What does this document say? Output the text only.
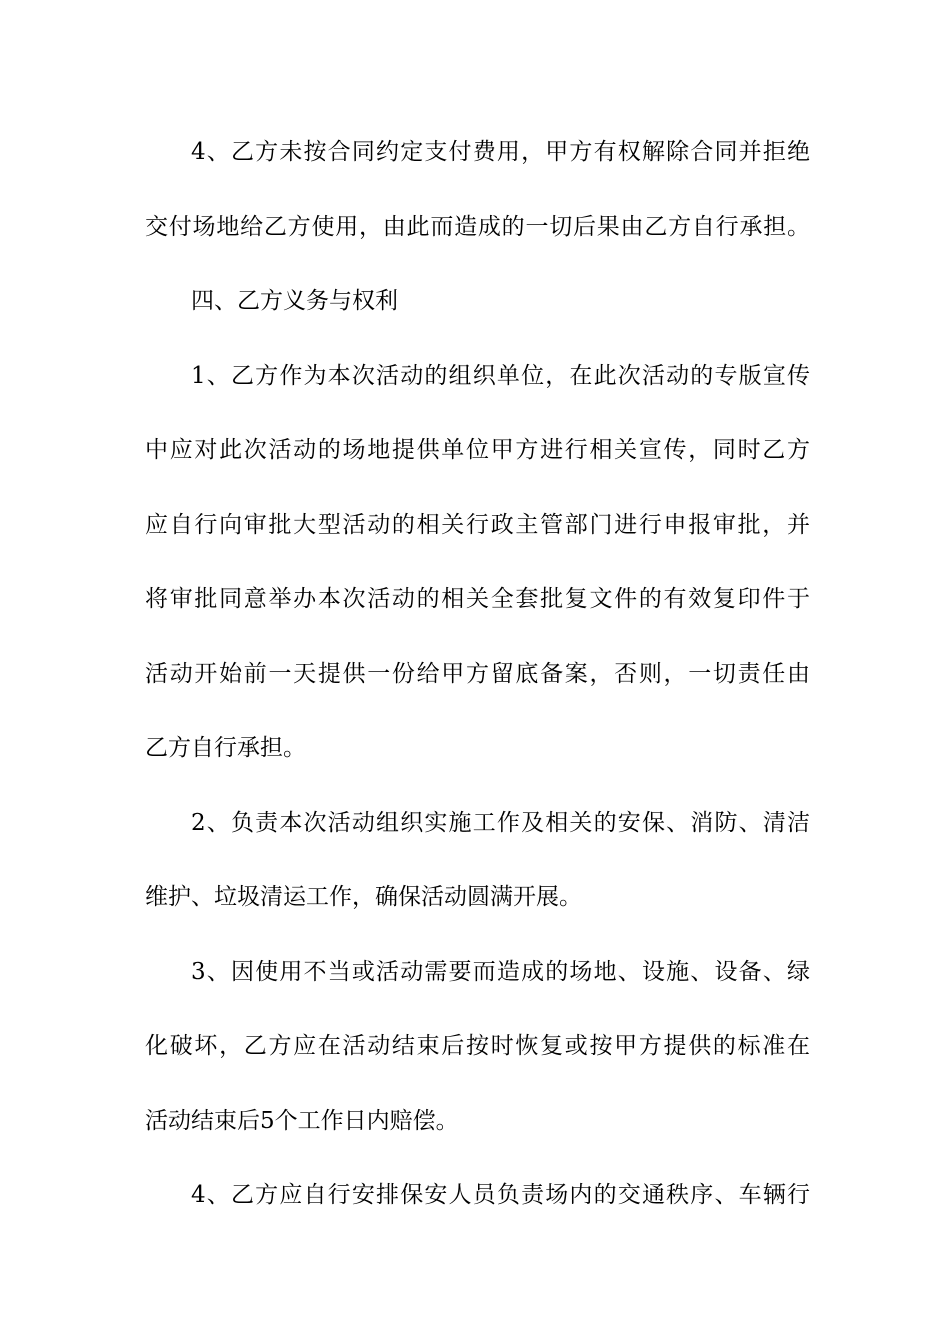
4、乙方未按合同约定支付费用，甲方有权解除合同并拒绝
交付场地给乙方使用，由此而造成的一切后果由乙方自行承担。
四、乙方义务与权利
1、乙方作为本次活动的组织单位，在此次活动的专版宣传
中应对此次活动的场地提供单位甲方进行相关宣传，同时乙方
应自行向审批大型活动的相关行政主管部门进行申报审批，并
将审批同意举办本次活动的相关全套批复文件的有效复印件于
活动开始前一天提供一份给甲方留底备案，否则，一切责任由
乙方自行承担。
2、负责本次活动组织实施工作及相关的安保、消防、清洁
维护、垃圾清运工作，确保活动圆满开展。
3、因使用不当或活动需要而造成的场地、设施、设备、绿
化破坏，乙方应在活动结束后按时恢复或按甲方提供的标准在
活动结束后5个工作日内赔偿。
4、乙方应自行安排保安人员负责场内的交通秩序、车辆行
